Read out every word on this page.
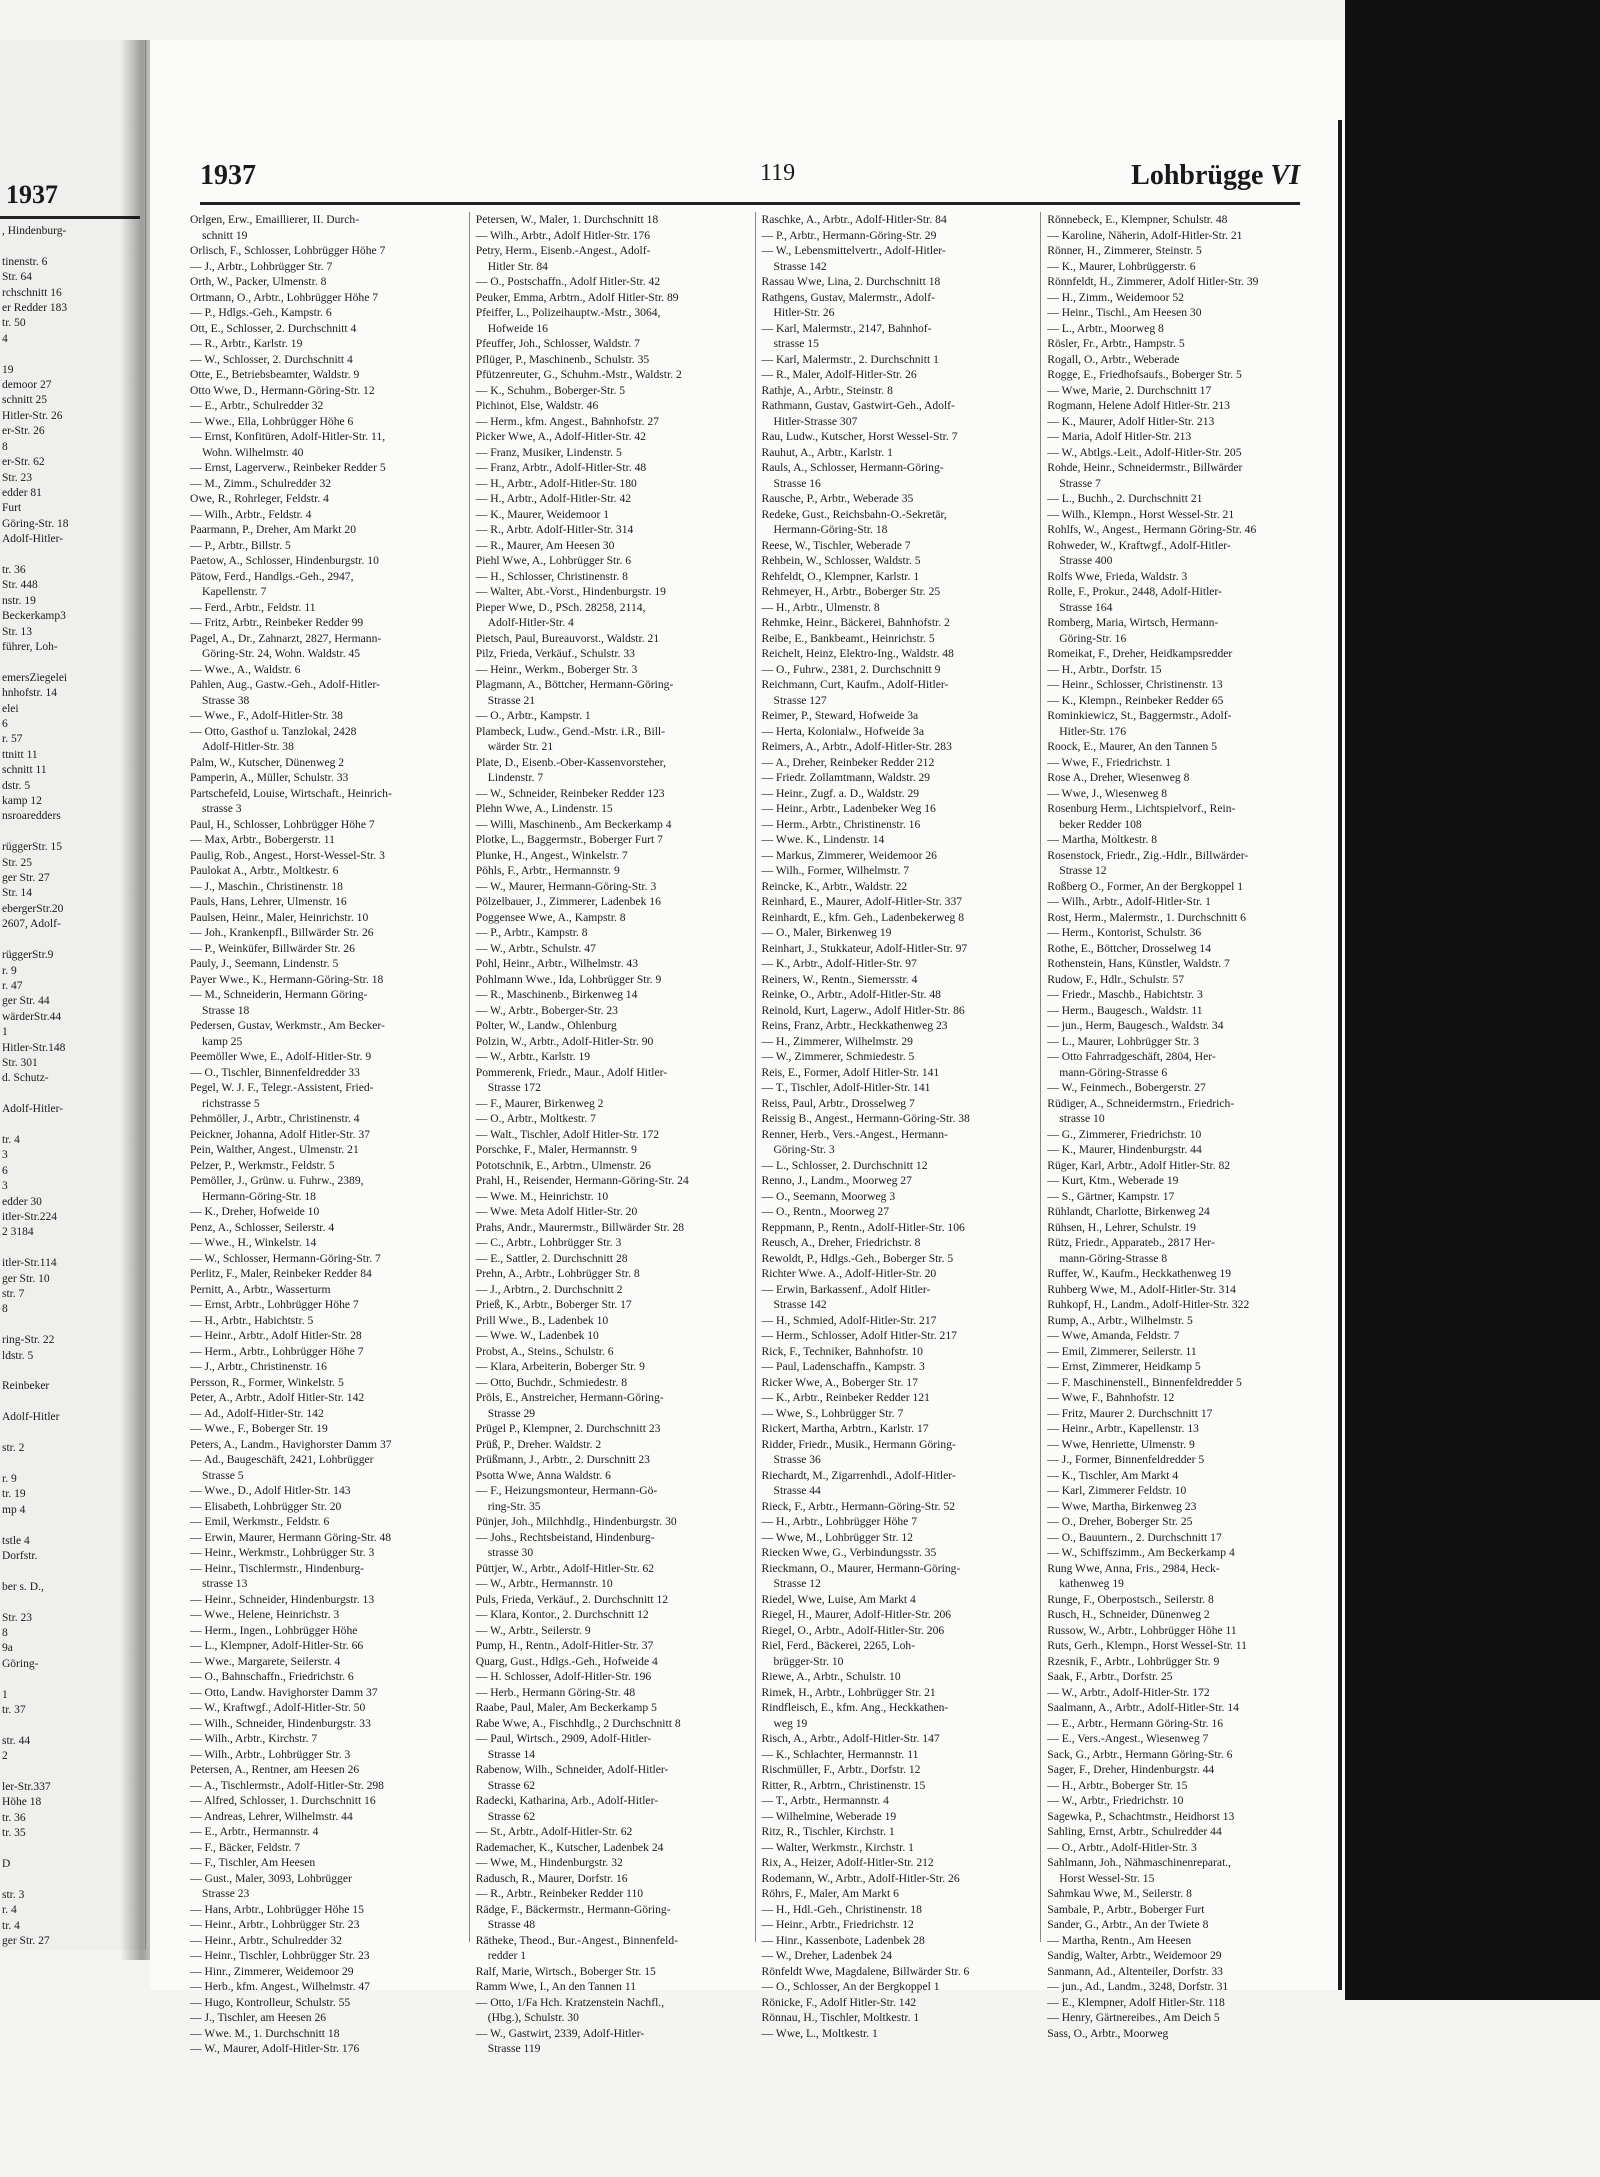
1937
, Hindenburg-

tinenstr. 6
Str. 64
rchschnitt 16
er Redder 183
tr. 50
4

19
demoor 27
schnitt 25
Hitler-Str. 26
er-Str. 26
8
er-Str. 62
Str. 23
edder 81
Furt
Göring-Str. 18
Adolf-Hitler-

tr. 36
Str. 448
nstr. 19
Beckerkamp3
Str. 13
führer, Loh-

emersZiegelei
hnhofstr. 14
elei
6
r. 57
ttnitt 11
schnitt 11
dstr. 5
kamp 12
nsroaredders

rüggerStr. 15
Str. 25
ger Str. 27
Str. 14
ebergerStr.20
2607, Adolf-

rüggerStr.9
r. 9
r. 47
ger Str. 44
wärderStr.44
1
Hitler-Str.148
Str. 301
d. Schutz-

Adolf-Hitler-

tr. 4
3
6
3
edder 30
itler-Str.224
2 3184

itler-Str.114
ger Str. 10
str. 7
8

ring-Str. 22
ldstr. 5

Reinbeker

Adolf-Hitler

str. 2

r. 9
tr. 19
mp 4

tstle 4
Dorfstr.

ber s. D.,

Str. 23
8
9a
Göring-

1
tr. 37

str. 44
2

ler-Str.337
Höhe 18
tr. 36
tr. 35

D

str. 3
r. 4
tr. 4
ger Str. 27
1937	119	Lohbrügge VI
Orlgen, Erw., Emaillierer, II. Durch-
schnitt 19
Orlisch, F., Schlosser, Lohbrügger Höhe 7
— J., Arbtr., Lohbrügger Str. 7
Orth, W., Packer, Ulmenstr. 8
Ortmann, O., Arbtr., Lohbrügger Höhe 7
— P., Hdlgs.-Geh., Kampstr. 6
Ott, E., Schlosser, 2. Durchschnitt 4
— R., Arbtr., Karlstr. 19
— W., Schlosser, 2. Durchschnitt 4
Otte, E., Betriebsbeamter, Waldstr. 9
Otto Wwe, D., Hermann-Göring-Str. 12
— E., Arbtr., Schulredder 32
— Wwe., Ella, Lohbrügger Höhe 6
— Ernst, Konfitüren, Adolf-Hitler-Str. 11,
Wohn. Wilhelmstr. 40
— Ernst, Lagerverw., Reinbeker Redder 5
— M., Zimm., Schulredder 32
Owe, R., Rohrleger, Feldstr. 4
— Wilh., Arbtr., Feldstr. 4
Paarmann, P., Dreher, Am Markt 20
— P., Arbtr., Billstr. 5
Paetow, A., Schlosser, Hindenburgstr. 10
Pätow, Ferd., Handlgs.-Geh., 2947,
Kapellenstr. 7
— Ferd., Arbtr., Feldstr. 11
— Fritz, Arbtr., Reinbeker Redder 99
Pagel, A., Dr., Zahnarzt, 2827, Hermann-
Göring-Str. 24, Wohn. Waldstr. 45
— Wwe., A., Waldstr. 6
Pahlen, Aug., Gastw.-Geh., Adolf-Hitler-
Strasse 38
— Wwe., F., Adolf-Hitler-Str. 38
— Otto, Gasthof u. Tanzlokal, 2428
Adolf-Hitler-Str. 38
Palm, W., Kutscher, Dünenweg 2
Pamperin, A., Müller, Schulstr. 33
Partschefeld, Louise, Wirtschaft., Heinrich-
strasse 3
Paul, H., Schlosser, Lohbrügger Höhe 7
— Max, Arbtr., Bobergerstr. 11
Paulig, Rob., Angest., Horst-Wessel-Str. 3
Paulokat A., Arbtr., Moltkestr. 6
— J., Maschin., Christinenstr. 18
Pauls, Hans, Lehrer, Ulmenstr. 16
Paulsen, Heinr., Maler, Heinrichstr. 10
— Joh., Krankenpfl., Billwärder Str. 26
— P., Weinküfer, Billwärder Str. 26
Pauly, J., Seemann, Lindenstr. 5
Payer Wwe., K., Hermann-Göring-Str. 18
— M., Schneiderin, Hermann Göring-
Strasse 18
Pedersen, Gustav, Werkmstr., Am Becker-
kamp 25
Peemöller Wwe, E., Adolf-Hitler-Str. 9
— O., Tischler, Binnenfeldredder 33
Pegel, W. J. F., Telegr.-Assistent, Fried-
richstrasse 5
Pehmöller, J., Arbtr., Christinenstr. 4
Peickner, Johanna, Adolf Hitler-Str. 37
Pein, Walther, Angest., Ulmenstr. 21
Pelzer, P., Werkmstr., Feldstr. 5
Pemöller, J., Grünw. u. Fuhrw., 2389,
Hermann-Göring-Str. 18
— K., Dreher, Hofweide 10
Penz, A., Schlosser, Seilerstr. 4
— Wwe., H., Winkelstr. 14
— W., Schlosser, Hermann-Göring-Str. 7
Perlitz, F., Maler, Reinbeker Redder 84
Pernitt, A., Arbtr., Wasserturm
— Ernst, Arbtr., Lohbrügger Höhe 7
— H., Arbtr., Habichtstr. 5
— Heinr., Arbtr., Adolf Hitler-Str. 28
— Herm., Arbtr., Lohbrügger Höhe 7
— J., Arbtr., Christinenstr. 16
Persson, R., Former, Winkelstr. 5
Peter, A., Arbtr., Adolf Hitler-Str. 142
— Ad., Adolf-Hitler-Str. 142
— Wwe., F., Boberger Str. 19
Peters, A., Landm., Havighorster Damm 37
— Ad., Baugeschäft, 2421, Lohbrügger
Strasse 5
— Wwe., D., Adolf Hitler-Str. 143
— Elisabeth, Lohbrügger Str. 20
— Emil, Werkmstr., Feldstr. 6
— Erwin, Maurer, Hermann Göring-Str. 48
— Heinr., Werkmstr., Lohbrügger Str. 3
— Heinr., Tischlermstr., Hindenburg-
strasse 13
— Heinr., Schneider, Hindenburgstr. 13
— Wwe., Helene, Heinrichstr. 3
— Herm., Ingen., Lohbrügger Höhe
— L., Klempner, Adolf-Hitler-Str. 66
— Wwe., Margarete, Seilerstr. 4
— O., Bahnschaffn., Friedrichstr. 6
— Otto, Landw. Havighorster Damm 37
— W., Kraftwgf., Adolf-Hitler-Str. 50
— Wilh., Schneider, Hindenburgstr. 33
— Wilh., Arbtr., Kirchstr. 7
— Wilh., Arbtr., Lohbrügger Str. 3
Petersen, A., Rentner, am Heesen 26
— A., Tischlermstr., Adolf-Hitler-Str. 298
— Alfred, Schlosser, 1. Durchschnitt 16
— Andreas, Lehrer, Wilhelmstr. 44
— E., Arbtr., Hermannstr. 4
— F., Bäcker, Feldstr. 7
— F., Tischler, Am Heesen
— Gust., Maler, 3093, Lohbrügger
Strasse 23
— Hans, Arbtr., Lohbrügger Höhe 15
— Heinr., Arbtr., Lohbrügger Str. 23
— Heinr., Arbtr., Schulredder 32
— Heinr., Tischler, Lohbrügger Str. 23
— Hinr., Zimmerer, Weidemoor 29
— Herb., kfm. Angest., Wilhelmstr. 47
— Hugo, Kontrolleur, Schulstr. 55
— J., Tischler, am Heesen 26
— Wwe. M., 1. Durchschnitt 18
— W., Maurer, Adolf-Hitler-Str. 176
Petersen, W., Maler, 1. Durchschnitt 18
— Wilh., Arbtr., Adolf Hitler-Str. 176
Petry, Herm., Eisenb.-Angest., Adolf-
Hitler Str. 84
— O., Postschaffn., Adolf Hitler-Str. 42
Peuker, Emma, Arbtrn., Adolf Hitler-Str. 89
Pfeiffer, L., Polizeihauptw.-Mstr., 3064,
Hofweide 16
Pfeuffer, Joh., Schlosser, Waldstr. 7
Pflüger, P., Maschinenb., Schulstr. 35
Pfützenreuter, G., Schuhm.-Mstr., Waldstr. 2
— K., Schuhm., Boberger-Str. 5
Pichinot, Else, Waldstr. 46
— Herm., kfm. Angest., Bahnhofstr. 27
Picker Wwe, A., Adolf-Hitler-Str. 42
— Franz, Musiker, Lindenstr. 5
— Franz, Arbtr., Adolf-Hitler-Str. 48
— H., Arbtr., Adolf-Hitler-Str. 180
— H., Arbtr., Adolf-Hitler-Str. 42
— K., Maurer, Weidemoor 1
— R., Arbtr. Adolf-Hitler-Str. 314
— R., Maurer, Am Heesen 30
Piehl Wwe, A., Lohbrügger Str. 6
— H., Schlosser, Christinenstr. 8
— Walter, Abt.-Vorst., Hindenburgstr. 19
Pieper Wwe, D., PSch. 28258, 2114,
Adolf-Hitler-Str. 4
Pietsch, Paul, Bureauvorst., Waldstr. 21
Pilz, Frieda, Verkäuf., Schulstr. 33
— Heinr., Werkm., Boberger Str. 3
Plagmann, A., Böttcher, Hermann-Göring-
Strasse 21
— O., Arbtr., Kampstr. 1
Plambeck, Ludw., Gend.-Mstr. i.R., Bill-
wärder Str. 21
Plate, D., Eisenb.-Ober-Kassenvorsteher,
Lindenstr. 7
— W., Schneider, Reinbeker Redder 123
Plehn Wwe, A., Lindenstr. 15
— Willi, Maschinenb., Am Beckerkamp 4
Plotke, L., Baggermstr., Boberger Furt 7
Plunke, H., Angest., Winkelstr. 7
Pöhls, F., Arbtr., Hermannstr. 9
— W., Maurer, Hermann-Göring-Str. 3
Pölzelbauer, J., Zimmerer, Ladenbek 16
Poggensee Wwe, A., Kampstr. 8
— P., Arbtr., Kampstr. 8
— W., Arbtr., Schulstr. 47
Pohl, Heinr., Arbtr., Wilhelmstr. 43
Pohlmann Wwe., Ida, Lohbrügger Str. 9
— R., Maschinenb., Birkenweg 14
— W., Arbtr., Boberger-Str. 23
Polter, W., Landw., Ohlenburg
Polzin, W., Arbtr., Adolf-Hitler-Str. 90
— W., Arbtr., Karlstr. 19
Pommerenk, Friedr., Maur., Adolf Hitler-
Strasse 172
— F., Maurer, Birkenweg 2
— O., Arbtr., Moltkestr. 7
— Walt., Tischler, Adolf Hitler-Str. 172
Porschke, F., Maler, Hermannstr. 9
Pototschnik, E., Arbtrn., Ulmenstr. 26
Prahl, H., Reisender, Hermann-Göring-Str. 24
— Wwe. M., Heinrichstr. 10
— Wwe. Meta Adolf Hitler-Str. 20
Prahs, Andr., Maurermstr., Billwärder Str. 28
— C., Arbtr., Lohbrügger Str. 3
— E., Sattler, 2. Durchschnitt 28
Prehn, A., Arbtr., Lohbrügger Str. 8
— J., Arbtrn., 2. Durchschnitt 2
Prieß, K., Arbtr., Boberger Str. 17
Prill Wwe., B., Ladenbek 10
— Wwe. W., Ladenbek 10
Probst, A., Steins., Schulstr. 6
— Klara, Arbeiterin, Boberger Str. 9
— Otto, Buchdr., Schmiedestr. 8
Pröls, E., Anstreicher, Hermann-Göring-
Strasse 29
Prügel P., Klempner, 2. Durchschnitt 23
Prüß, P., Dreher. Waldstr. 2
Prüßmann, J., Arbtr., 2. Durschnitt 23
Psotta Wwe, Anna Waldstr. 6
— F., Heizungsmonteur, Hermann-Gö-
ring-Str. 35
Pünjer, Joh., Milchhdlg., Hindenburgstr. 30
— Johs., Rechtsbeistand, Hindenburg-
strasse 30
Püttjer, W., Arbtr., Adolf-Hitler-Str. 62
— W., Arbtr., Hermannstr. 10
Puls, Frieda, Verkäuf., 2. Durchschnitt 12
— Klara, Kontor., 2. Durchschnitt 12
— W., Arbtr., Seilerstr. 9
Pump, H., Rentn., Adolf-Hitler-Str. 37
Quarg, Gust., Hdlgs.-Geh., Hofweide 4
— H. Schlosser, Adolf-Hitler-Str. 196
— Herb., Hermann Göring-Str. 48
Raabe, Paul, Maler, Am Beckerkamp 5
Rabe Wwe, A., Fischhdlg., 2 Durchschnitt 8
— Paul, Wirtsch., 2909, Adolf-Hitler-
Strasse 14
Rabenow, Wilh., Schneider, Adolf-Hitler-
Strasse 62
Radecki, Katharina, Arb., Adolf-Hitler-
Strasse 62
— St., Arbtr., Adolf-Hitler-Str. 62
Rademacher, K., Kutscher, Ladenbek 24
— Wwe, M., Hindenburgstr. 32
Radusch, R., Maurer, Dorfstr. 16
— R., Arbtr., Reinbeker Redder 110
Rädge, F., Bäckermstr., Hermann-Göring-
Strasse 48
Rätheke, Theod., Bur.-Angest., Binnenfeld-
redder 1
Ralf, Marie, Wirtsch., Boberger Str. 15
Ramm Wwe, I., An den Tannen 11
— Otto, 1/Fa Hch. Kratzenstein Nachfl.,
(Hbg.), Schulstr. 30
— W., Gastwirt, 2339, Adolf-Hitler-
Strasse 119
Raschke, A., Arbtr., Adolf-Hitler-Str. 84
— P., Arbtr., Hermann-Göring-Str. 29
— W., Lebensmittelvertr., Adolf-Hitler-
Strasse 142
Rassau Wwe, Lina, 2. Durchschnitt 18
Rathgens, Gustav, Malermstr., Adolf-
Hitler-Str. 26
— Karl, Malermstr., 2147, Bahnhof-
strasse 15
— Karl, Malermstr., 2. Durchschnitt 1
— R., Maler, Adolf-Hitler-Str. 26
Rathje, A., Arbtr., Steinstr. 8
Rathmann, Gustav, Gastwirt-Geh., Adolf-
Hitler-Strasse 307
Rau, Ludw., Kutscher, Horst Wessel-Str. 7
Rauhut, A., Arbtr., Karlstr. 1
Rauls, A., Schlosser, Hermann-Göring-
Strasse 16
Rausche, P., Arbtr., Weberade 35
Redeke, Gust., Reichsbahn-O.-Sekretär,
Hermann-Göring-Str. 18
Reese, W., Tischler, Weberade 7
Rehbein, W., Schlosser, Waldstr. 5
Rehfeldt, O., Klempner, Karlstr. 1
Rehmeyer, H., Arbtr., Boberger Str. 25
— H., Arbtr., Ulmenstr. 8
Rehmke, Heinr., Bäckerei, Bahnhofstr. 2
Reibe, E., Bankbeamt., Heinrichstr. 5
Reichelt, Heinz, Elektro-Ing., Waldstr. 48
— O., Fuhrw., 2381, 2. Durchschnitt 9
Reichmann, Curt, Kaufm., Adolf-Hitler-
Strasse 127
Reimer, P., Steward, Hofweide 3a
— Herta, Kolonialw., Hofweide 3a
Reimers, A., Arbtr., Adolf-Hitler-Str. 283
— A., Dreher, Reinbeker Redder 212
— Friedr. Zollamtmann, Waldstr. 29
— Heinr., Zugf. a. D., Waldstr. 29
— Heinr., Arbtr., Ladenbeker Weg 16
— Herm., Arbtr., Christinenstr. 16
— Wwe. K., Lindenstr. 14
— Markus, Zimmerer, Weidemoor 26
— Wilh., Former, Wilhelmstr. 7
Reincke, K., Arbtr., Waldstr. 22
Reinhard, E., Maurer, Adolf-Hitler-Str. 337
Reinhardt, E., kfm. Geh., Ladenbekerweg 8
— O., Maler, Birkenweg 19
Reinhart, J., Stukkateur, Adolf-Hitler-Str. 97
— K., Arbtr., Adolf-Hitler-Str. 97
Reiners, W., Rentn., Siemersstr. 4
Reinke, O., Arbtr., Adolf-Hitler-Str. 48
Reinold, Kurt, Lagerw., Adolf Hitler-Str. 86
Reins, Franz, Arbtr., Heckkathenweg 23
— H., Zimmerer, Wilhelmstr. 29
— W., Zimmerer, Schmiedestr. 5
Reis, E., Former, Adolf Hitler-Str. 141
— T., Tischler, Adolf-Hitler-Str. 141
Reiss, Paul, Arbtr., Drosselweg 7
Reissig B., Angest., Hermann-Göring-Str. 38
Renner, Herb., Vers.-Angest., Hermann-
Göring-Str. 3
— L., Schlosser, 2. Durchschnitt 12
Renno, J., Landm., Moorweg 27
— O., Seemann, Moorweg 3
— O., Rentn., Moorweg 27
Reppmann, P., Rentn., Adolf-Hitler-Str. 106
Reusch, A., Dreher, Friedrichstr. 8
Rewoldt, P., Hdlgs.-Geh., Boberger Str. 5
Richter Wwe. A., Adolf-Hitler-Str. 20
— Erwin, Barkassenf., Adolf Hitler-
Strasse 142
— H., Schmied, Adolf-Hitler-Str. 217
— Herm., Schlosser, Adolf Hitler-Str. 217
Rick, F., Techniker, Bahnhofstr. 10
— Paul, Ladenschaffn., Kampstr. 3
Ricker Wwe, A., Boberger Str. 17
— K., Arbtr., Reinbeker Redder 121
— Wwe, S., Lohbrügger Str. 7
Rickert, Martha, Arbtrn., Karlstr. 17
Ridder, Friedr., Musik., Hermann Göring-
Strasse 36
Riechardt, M., Zigarrenhdl., Adolf-Hitler-
Strasse 44
Rieck, F., Arbtr., Hermann-Göring-Str. 52
— H., Arbtr., Lohbrügger Höhe 7
— Wwe, M., Lohbrügger Str. 12
Riecken Wwe, G., Verbindungsstr. 35
Rieckmann, O., Maurer, Hermann-Göring-
Strasse 12
Riedel, Wwe, Luise, Am Markt 4
Riegel, H., Maurer, Adolf-Hitler-Str. 206
Riegel, O., Arbtr., Adolf-Hitler-Str. 206
Riel, Ferd., Bäckerei, 2265, Loh-
brügger-Str. 10
Riewe, A., Arbtr., Schulstr. 10
Rimek, H., Arbtr., Lohbrügger Str. 21
Rindfleisch, E., kfm. Ang., Heckkathen-
weg 19
Risch, A., Arbtr., Adolf-Hitler-Str. 147
— K., Schlachter, Hermannstr. 11
Rischmüller, F., Arbtr., Dorfstr. 12
Ritter, R., Arbtrn., Christinenstr. 15
— T., Arbtr., Hermannstr. 4
— Wilhelmine, Weberade 19
Ritz, R., Tischler, Kirchstr. 1
— Walter, Werkmstr., Kirchstr. 1
Rix, A., Heizer, Adolf-Hitler-Str. 212
Rodemann, W., Arbtr., Adolf-Hitler-Str. 26
Röhrs, F., Maler, Am Markt 6
— H., Hdl.-Geh., Christinenstr. 18
— Heinr., Arbtr., Friedrichstr. 12
— Hinr., Kassenbote, Ladenbek 28
— W., Dreher, Ladenbek 24
Rönfeldt Wwe, Magdalene, Billwärder Str. 6
— O., Schlosser, An der Bergkoppel 1
Rönicke, F., Adolf Hitler-Str. 142
Rönnau, H., Tischler, Moltkestr. 1
— Wwe, L., Moltkestr. 1
Rönnebeck, E., Klempner, Schulstr. 48
— Karoline, Näherin, Adolf-Hitler-Str. 21
Rönner, H., Zimmerer, Steinstr. 5
— K., Maurer, Lohbrüggerstr. 6
Rönnfeldt, H., Zimmerer, Adolf Hitler-Str. 39
— H., Zimm., Weidemoor 52
— Heinr., Tischl., Am Heesen 30
— L., Arbtr., Moorweg 8
Rösler, Fr., Arbtr., Hampstr. 5
Rogall, O., Arbtr., Weberade
Rogge, E., Friedhofsaufs., Boberger Str. 5
— Wwe, Marie, 2. Durchschnitt 17
Rogmann, Helene Adolf Hitler-Str. 213
— K., Maurer, Adolf Hitler-Str. 213
— Maria, Adolf Hitler-Str. 213
— W., Abtlgs.-Leit., Adolf-Hitler-Str. 205
Rohde, Heinr., Schneidermstr., Billwärder
Strasse 7
— L., Buchh., 2. Durchschnitt 21
— Wilh., Klempn., Horst Wessel-Str. 21
Rohlfs, W., Angest., Hermann Göring-Str. 46
Rohweder, W., Kraftwgf., Adolf-Hitler-
Strasse 400
Rolfs Wwe, Frieda, Waldstr. 3
Rolle, F., Prokur., 2448, Adolf-Hitler-
Strasse 164
Romberg, Maria, Wirtsch, Hermann-
Göring-Str. 16
Romeikat, F., Dreher, Heidkampsredder
— H., Arbtr., Dorfstr. 15
— Heinr., Schlosser, Christinenstr. 13
— K., Klempn., Reinbeker Redder 65
Rominkiewicz, St., Baggermstr., Adolf-
Hitler-Str. 176
Roock, E., Maurer, An den Tannen 5
— Wwe, F., Friedrichstr. 1
Rose A., Dreher, Wiesenweg 8
— Wwe, J., Wiesenweg 8
Rosenburg Herm., Lichtspielvorf., Rein-
beker Redder 108
— Martha, Moltkestr. 8
Rosenstock, Friedr., Zig.-Hdlr., Billwärder-
Strasse 12
Roßberg O., Former, An der Bergkoppel 1
— Wilh., Arbtr., Adolf-Hitler-Str. 1
Rost, Herm., Malermstr., 1. Durchschnitt 6
— Herm., Kontorist, Schulstr. 36
Rothe, E., Böttcher, Drosselweg 14
Rothenstein, Hans, Künstler, Waldstr. 7
Rudow, F., Hdlr., Schulstr. 57
— Friedr., Maschb., Habichtstr. 3
— Herm., Baugesch., Waldstr. 11
— jun., Herm, Baugesch., Waldstr. 34
— L., Maurer, Lohbrügger Str. 3
— Otto Fahrradgeschäft, 2804, Her-
mann-Göring-Strasse 6
— W., Feinmech., Bobergerstr. 27
Rüdiger, A., Schneidermstrn., Friedrich-
strasse 10
— G., Zimmerer, Friedrichstr. 10
— K., Maurer, Hindenburgstr. 44
Rüger, Karl, Arbtr., Adolf Hitler-Str. 82
— Kurt, Ktm., Weberade 19
— S., Gärtner, Kampstr. 17
Rühlandt, Charlotte, Birkenweg 24
Rühsen, H., Lehrer, Schulstr. 19
Rütz, Friedr., Apparateb., 2817 Her-
mann-Göring-Strasse 8
Ruffer, W., Kaufm., Heckkathenweg 19
Ruhberg Wwe, M., Adolf-Hitler-Str. 314
Ruhkopf, H., Landm., Adolf-Hitler-Str. 322
Rump, A., Arbtr., Wilhelmstr. 5
— Wwe, Amanda, Feldstr. 7
— Emil, Zimmerer, Seilerstr. 11
— Ernst, Zimmerer, Heidkamp 5
— F. Maschinenstell., Binnenfeldredder 5
— Wwe, F., Bahnhofstr. 12
— Fritz, Maurer 2. Durchschnitt 17
— Heinr., Arbtr., Kapellenstr. 13
— Wwe, Henriette, Ulmenstr. 9
— J., Former, Binnenfeldredder 5
— K., Tischler, Am Markt 4
— Karl, Zimmerer Feldstr. 10
— Wwe, Martha, Birkenweg 23
— O., Dreher, Boberger Str. 25
— O., Bauuntern., 2. Durchschnitt 17
— W., Schiffszimm., Am Beckerkamp 4
Rung Wwe, Anna, Fris., 2984, Heck-
kathenweg 19
Runge, F., Oberpostsch., Seilerstr. 8
Rusch, H., Schneider, Dünenweg 2
Russow, W., Arbtr., Lohbrügger Höhe 11
Ruts, Gerh., Klempn., Horst Wessel-Str. 11
Rzesnik, F., Arbtr., Lohbrügger Str. 9
Saak, F., Arbtr., Dorfstr. 25
— W., Arbtr., Adolf-Hitler-Str. 172
Saalmann, A., Arbtr., Adolf-Hitler-Str. 14
— E., Arbtr., Hermann Göring-Str. 16
— E., Vers.-Angest., Wiesenweg 7
Sack, G., Arbtr., Hermann Göring-Str. 6
Sager, F., Dreher, Hindenburgstr. 44
— H., Arbtr., Boberger Str. 15
— W., Arbtr., Friedrichstr. 10
Sagewka, P., Schachtmstr., Heidhorst 13
Sahling, Ernst, Arbtr., Schulredder 44
— O., Arbtr., Adolf-Hitler-Str. 3
Sahlmann, Joh., Nähmaschinenreparat.,
Horst Wessel-Str. 15
Sahmkau Wwe, M., Seilerstr. 8
Sambale, P., Arbtr., Boberger Furt
Sander, G., Arbtr., An der Twiete 8
— Martha, Rentn., Am Heesen
Sandig, Walter, Arbtr., Weidemoor 29
Sanmann, Ad., Altenteiler, Dorfstr. 33
— jun., Ad., Landm., 3248, Dorfstr. 31
— E., Klempner, Adolf Hitler-Str. 118
— Henry, Gärtnereibes., Am Deich 5
Sass, O., Arbtr., Moorweg
